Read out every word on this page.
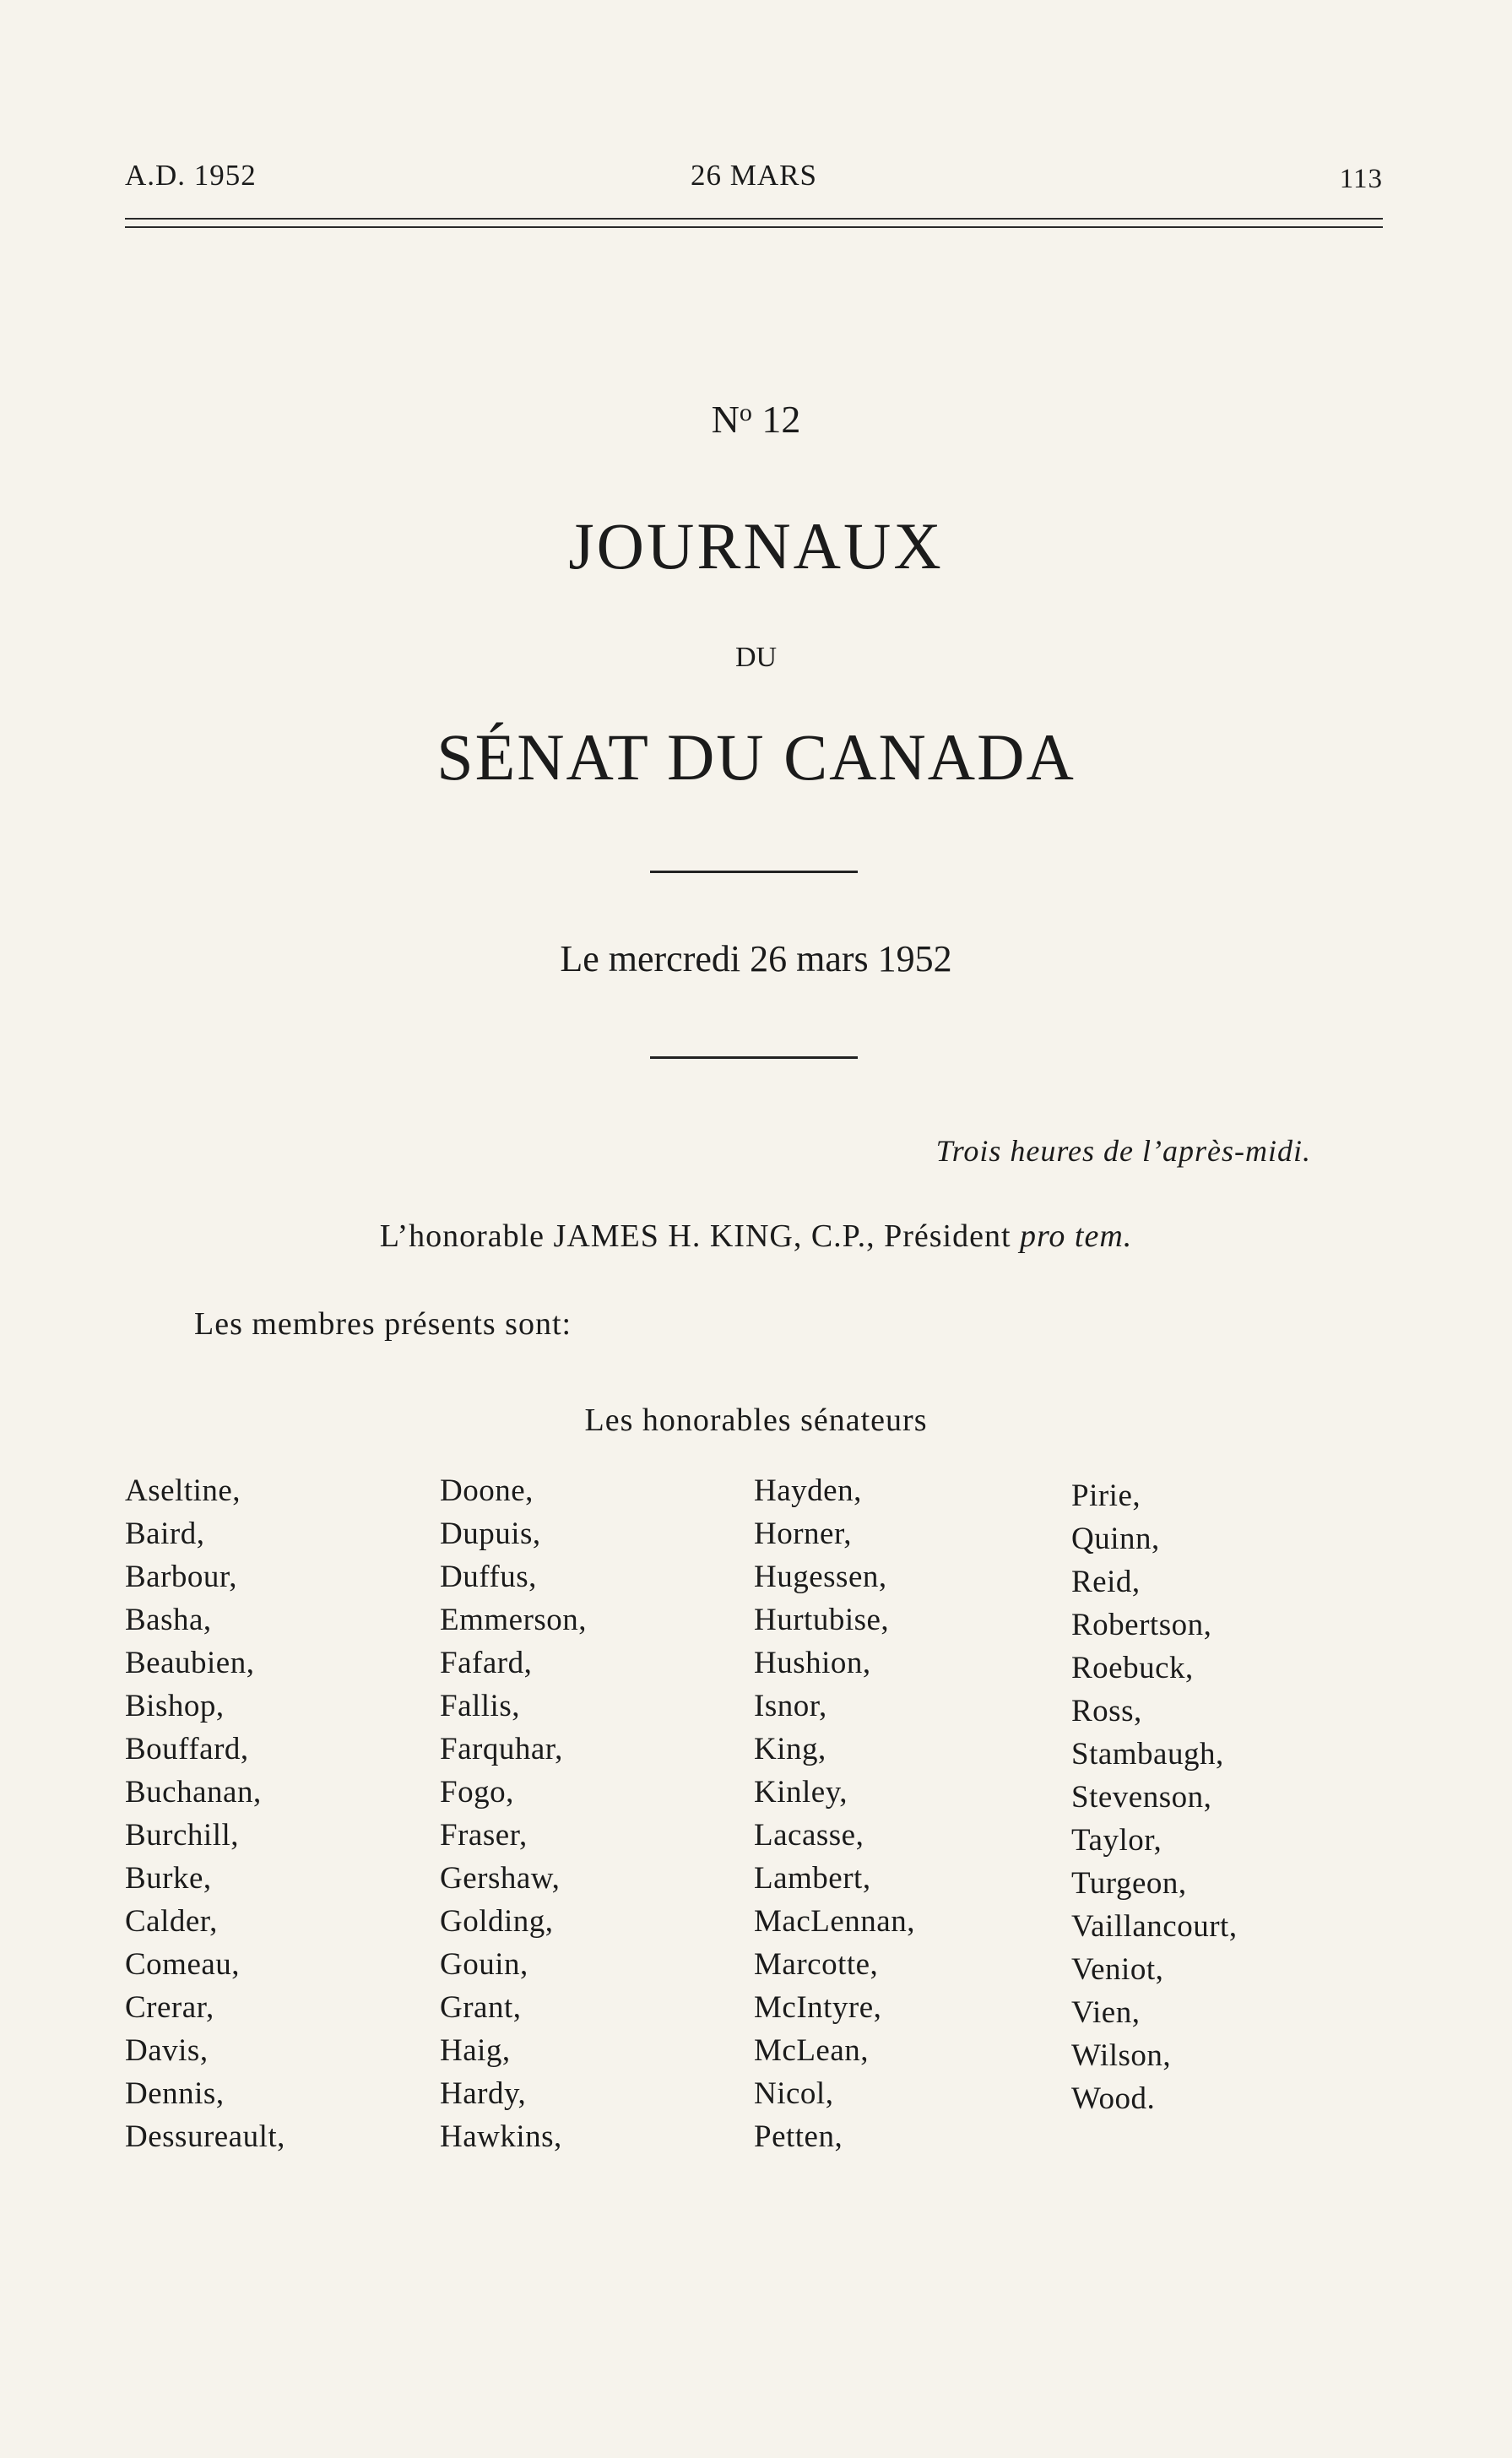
A.D. 1952	26 MARS	113
$N^o$ 12
JOURNAUX
DU
SÉNAT DU CANADA
Le mercredi 26 mars 1952
Trois heures de l’après-midi.
L’honorable JAMES H. KING, C.P., Président pro tem.
Les membres présents sont:
Les honorables sénateurs
Aseltine,
Baird,
Barbour,
Basha,
Beaubien,
Bishop,
Bouffard,
Buchanan,
Burchill,
Burke,
Calder,
Comeau,
Crerar,
Davis,
Dennis,
Dessureault,
Doone,
Dupuis,
Duffus,
Emmerson,
Fafard,
Fallis,
Farquhar,
Fogo,
Fraser,
Gershaw,
Golding,
Gouin,
Grant,
Haig,
Hardy,
Hawkins,
Hayden,
Horner,
Hugessen,
Hurtubise,
Hushion,
Isnor,
King,
Kinley,
Lacasse,
Lambert,
MacLennan,
Marcotte,
McIntyre,
McLean,
Nicol,
Petten,
Pirie,
Quinn,
Reid,
Robertson,
Roebuck,
Ross,
Stambaugh,
Stevenson,
Taylor,
Turgeon,
Vaillancourt,
Veniot,
Vien,
Wilson,
Wood.
